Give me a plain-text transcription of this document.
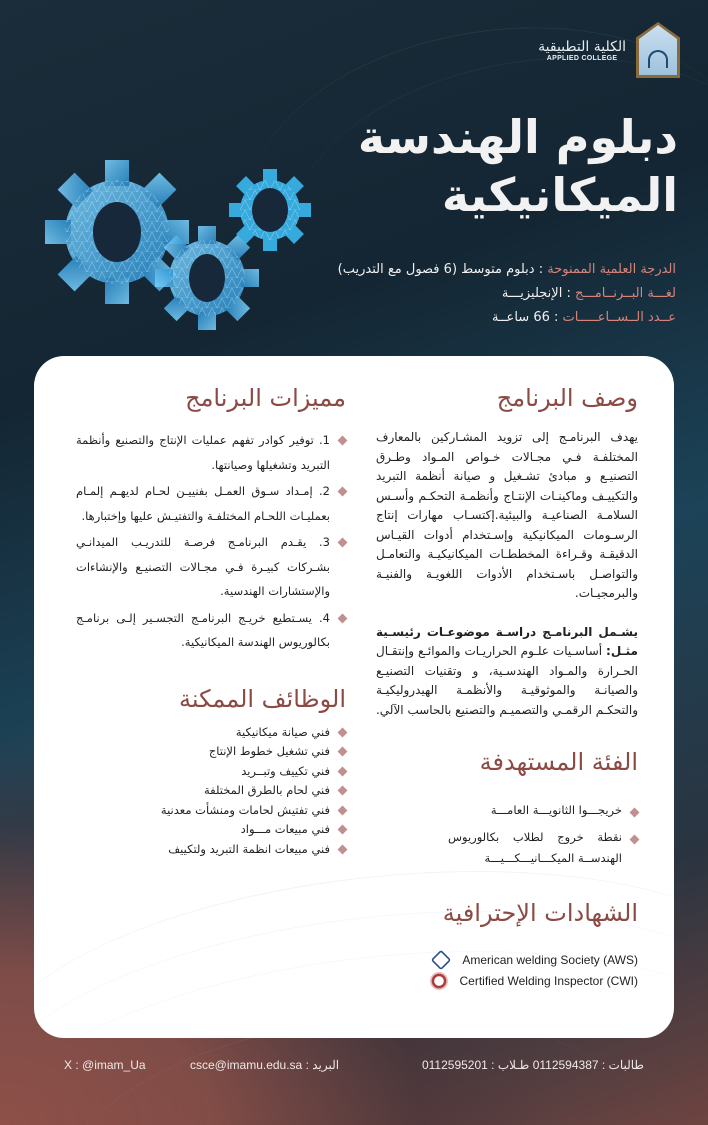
الكلية التطبيقية
APPLIED COLLEGE
دبلوم الهندسة
الميكانيكية
الدرجة العلمية الممنوحة : دبلوم متوسط (6 فصول مع التدريب)
لغـــة البــرنــامـــج : الإنجليزيـــة
عــدد الــســاعـــــات : 66 ساعــة
وصف البرنامج

يهدف البرنامـج إلى تزويد المشـاركين بالمعارف المختلفـة فـي مجـالات خـواص المـواد وطـرق التصنيـع و مبادئ تشـغيل و صيانة أنظمة التبريد والتكييـف وماكينـات الإنتـاج وأنظمـة التحكـم وأسـس السلامـة الصناعيـة والبيئية.إكتسـاب مهارات إنتاج الرسـومات الميكانيكية وإسـتخدام أدوات القيـاس الدقيقـة وقـراءة المخططـات الميكانيكيـة والتعامـل والتواصـل باسـتخدام الأدوات اللغويـة والفنيـة والبرمجيـات.

يشـمل البرنامـج دراسـة موضوعـات رئيسـية مثـل: أساسـيات علـوم الحراريـات والموائـع وإنتقـال الحـرارة والمـواد الهندسـية، و وتقنيات التصنيـع والصيانـة والموثوقيـة والأنظمـة الهيدروليكيـة والتحكـم الرقمـي والتصميـم والتصنيع بالحاسب الآلي.

الفئة المستهدفة
خريجـــوا الثانويـــة العامـــة
نقطة خروج لطلاب بكالوريوس الهندســة الميكـــانيـــكـــيـــة
الشهادات الإحترافية
American welding Society (AWS)
Certified Welding Inspector (CWI)
مميزات البرنامج
1. توفير كوادر تفهم عمليات الإنتاج والتصنيع وأنظمة التبريد وتشغيلها وصيانتها.
2. إمـداد سـوق العمـل بفنييـن لحـام لديهـم إلمـام بعمليـات اللحـام المختلفـة والتفتيـش عليها وإختبارها.
3. يقـدم البرنامـج فرصـة للتدريـب الميدانـي بشـركات كبيـرة فـي مجـالات التصنيـع والإنشاءات والإستشارات الهندسية.
4. يسـتطيع خريـج البرنامـج التجسـير إلـى برنامـج بكالوريوس الهندسة الميكانيكية.
الوظائف الممكنة
فني صيانة ميكانيكية
فني تشغيل خطوط الإنتاج
فني تكييف وتبــريد
فني لحام بالطرق المختلفة
فني تفتيش لحامات ومنشأت معدنية
فني مبيعات مـــواد
فني مبيعات انظمة التبريد ولتكييف
X : @imam_Ua	البريد : csce@imamu.edu.sa	طالبات : 0112594387 طـلاب : 0112595201
